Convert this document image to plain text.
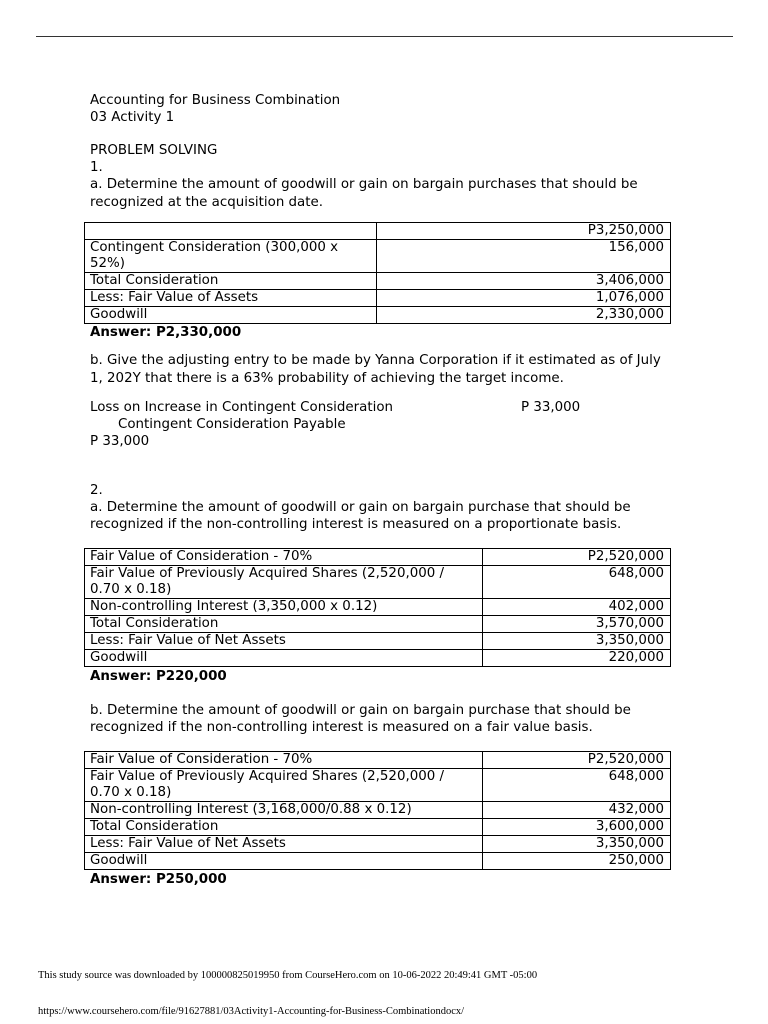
Accounting for Business Combination
03 Activity 1
PROBLEM SOLVING
1.
a. Determine the amount of goodwill or gain on bargain purchases that should be recognized at the acquisition date.
	P3,250,000
Contingent Consideration (300,000 x 52%)	156,000
Total Consideration	3,406,000
Less: Fair Value of Assets	1,076,000
Goodwill	2,330,000
Answer: P2,330,000
b. Give the adjusting entry to be made by Yanna Corporation if it estimated as of July 1, 202Y that there is a 63% probability of achieving the target income.
Loss on Increase in Contingent Consideration	P 33,000
Contingent Consideration Payable
P 33,000
2.
a. Determine the amount of goodwill or gain on bargain purchase that should be recognized if the non-controlling interest is measured on a proportionate basis.
Fair Value of Consideration - 70%	P2,520,000
Fair Value of Previously Acquired Shares (2,520,000 / 0.70 x 0.18)	648,000
Non-controlling Interest (3,350,000 x 0.12)	402,000
Total Consideration	3,570,000
Less: Fair Value of Net Assets	3,350,000
Goodwill	220,000
Answer: P220,000
b. Determine the amount of goodwill or gain on bargain purchase that should be recognized if the non-controlling interest is measured on a fair value basis.
Fair Value of Consideration - 70%	P2,520,000
Fair Value of Previously Acquired Shares (2,520,000 / 0.70 x 0.18)	648,000
Non-controlling Interest (3,168,000/0.88 x 0.12)	432,000
Total Consideration	3,600,000
Less: Fair Value of Net Assets	3,350,000
Goodwill	250,000
Answer: P250,000
This study source was downloaded by 100000825019950 from CourseHero.com on 10-06-2022 20:49:41 GMT -05:00
https://www.coursehero.com/file/91627881/03Activity1-Accounting-for-Business-Combinationdocx/
